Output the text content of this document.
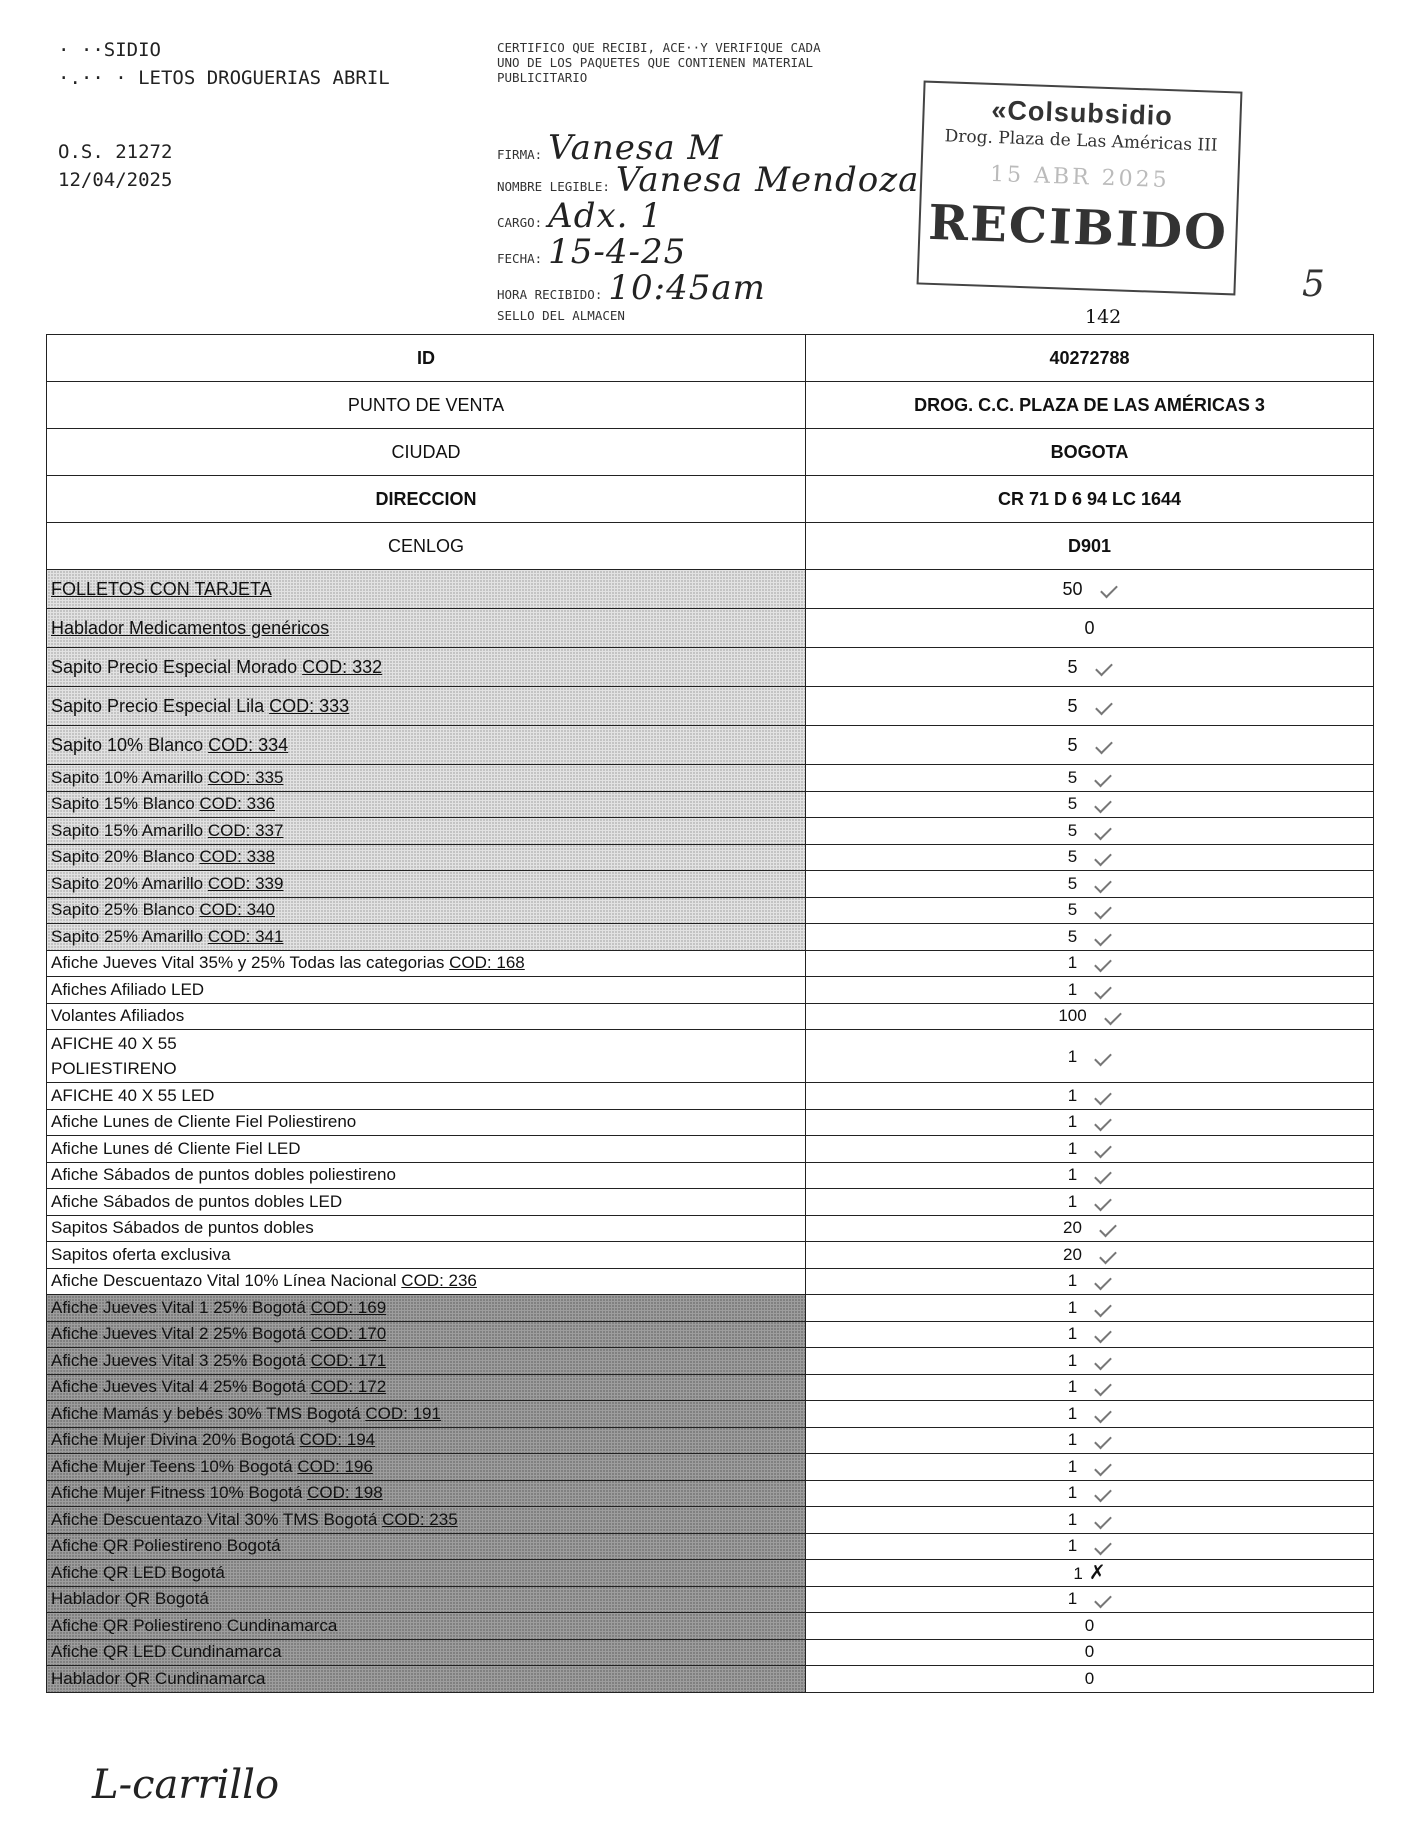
· ··SIDIO
·.·· · LETOS DROGUERIAS ABRIL
O.S. 21272
12/04/2025
CERTIFICO QUE RECIBI, ACE··Y VERIFIQUE CADA UNO DE LOS PAQUETES QUE CONTIENEN MATERIAL PUBLICITARIO
FIRMA: Vanesa M
NOMBRE LEGIBLE: Vanesa Mendoza
CARGO: Adx. 1
FECHA: 15-4-25
HORA RECIBIDO: 10:45am
SELLO DEL ALMACEN
«Colsubsidio
Drog. Plaza de Las Américas III
15 ABR 2025
RECIBIDO
5
142
ID	40272788
PUNTO DE VENTA	DROG. C.C. PLAZA DE LAS AMÉRICAS 3
CIUDAD	BOGOTA
DIRECCION	CR 71 D 6 94 LC 1644
CENLOG	D901
FOLLETOS CON TARJETA	50
Hablador Medicamentos genéricos	0
Sapito Precio Especial Morado COD: 332	5
Sapito Precio Especial Lila COD: 333	5
Sapito 10% Blanco COD: 334	5
Sapito 10% Amarillo COD: 335	5
Sapito 15% Blanco COD: 336	5
Sapito 15% Amarillo COD: 337	5
Sapito 20% Blanco COD: 338	5
Sapito 20% Amarillo COD: 339	5
Sapito 25% Blanco COD: 340	5
Sapito 25% Amarillo COD: 341	5
Afiche Jueves Vital 35% y 25% Todas las categorias COD: 168	1
Afiches Afiliado LED	1
Volantes Afiliados	100
AFICHE 40 X 55
POLIESTIRENO	1
AFICHE 40 X 55 LED	1
Afiche Lunes de Cliente Fiel Poliestireno	1
Afiche Lunes dé Cliente Fiel LED	1
Afiche Sábados de puntos dobles poliestireno	1
Afiche Sábados de puntos dobles LED	1
Sapitos Sábados de puntos dobles	20
Sapitos oferta exclusiva	20
Afiche Descuentazo Vital 10% Línea Nacional COD: 236	1
Afiche Jueves Vital 1 25% Bogotá COD: 169	1
Afiche Jueves Vital 2 25% Bogotá COD: 170	1
Afiche Jueves Vital 3 25% Bogotá COD: 171	1
Afiche Jueves Vital 4 25% Bogotá COD: 172	1
Afiche Mamás y bebés 30% TMS Bogotá COD: 191	1
Afiche Mujer Divina 20% Bogotá COD: 194	1
Afiche Mujer Teens 10% Bogotá COD: 196	1
Afiche Mujer Fitness 10% Bogotá COD: 198	1
Afiche Descuentazo Vital 30% TMS Bogotá COD: 235	1
Afiche QR Poliestireno Bogotá	1
Afiche QR LED Bogotá	1 ✗
Hablador QR Bogotá	1
Afiche QR Poliestireno Cundinamarca	0
Afiche QR LED Cundinamarca	0
Hablador QR Cundinamarca	0
L-carrillo
